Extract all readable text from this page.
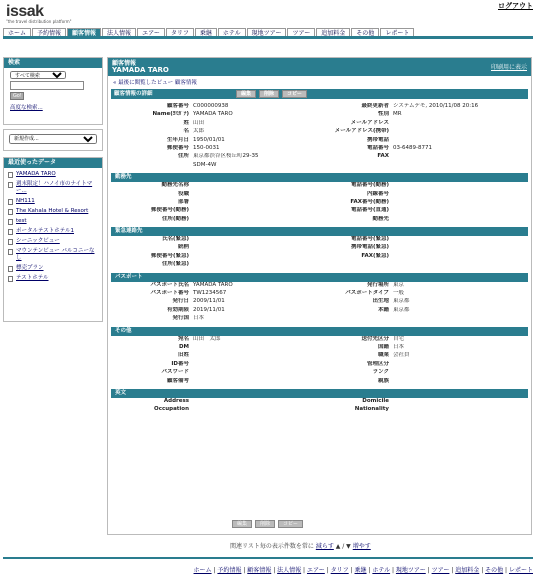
issak
"the travel distribution platform"
ログアウト
ホーム	予約情報	顧客情報	法人情報	エアー	タリフ	乗継	ホテル	現地ツアー	ツアー	追加料金	その他	レポート
検索
すべて検索
Go!
高度な検索...
新規作成...
最近使ったデータ
YAMADA TARO
週末限定！ハノイ市のナイトマー...
NH111
The Kahala Hotel & Resort
test
ポータルテストホテル1
シーニックビュー
マウンテンビュー バルコニーなし
標売プラン
テストホテル
顧客情報
YAMADA TARO	印刷用に表示
« 最後に閲覧したビュー 顧客情報
顧客情報の詳細	編集	削除	コピー
顧客番号	C000000938	最終更新者	システムデモ, 2010/11/08 20:16
Name(ﾖﾐｶﾞﾅ)	YAMADA TARO	性別	MR
姓	山田	メールアドレス	
名	太郎	メールアドレス(携帯)	
生年月日	1950/01/01	携帯電話	
郵便番号	150-0031	電話番号	03-6489-8771
住所	東京都渋谷区桜丘町29-35	FAX	
	SDM-4W		
勤務先
勤務先名称		電話番号(勤務)	
役職		内線番号	
部署		FAX番号(勤務)	
郵便番号(勤務)		電話番号(直通)	
住所(勤務)		勤務先	
緊急連絡先
氏名(緊急)		電話番号(緊急)	
続柄		携帯電話(緊急)	
郵便番号(緊急)		FAX(緊急)	
住所(緊急)			
パスポート
パスポート氏名	YAMADA TARO	発行場所	東京
パスポート番号	TW1234567	パスポートタイプ	一般
発行日	2009/11/01	出生地	東京都
有効期限	2019/11/01	本籍	東京都
発行国	日本		
その他
宛名	山田　太郎	送付先区分	自宅
DM		国籍	日本
旧姓		職業	会社員
ID番号		管理区分	
パスワード		ランク	
顧客備考		親族	
英文
Address		Domicile	
Occupation		Nationality	
編集	削除	コピー
関連リスト毎の表示件数を常に 減らす ▲ / ▼ 増やす
ホーム | 予約情報 | 顧客情報 | 法人情報 | エアー | タリフ | 乗継 | ホテル | 現地ツアー | ツアー | 追加料金 | その他 | レポート
